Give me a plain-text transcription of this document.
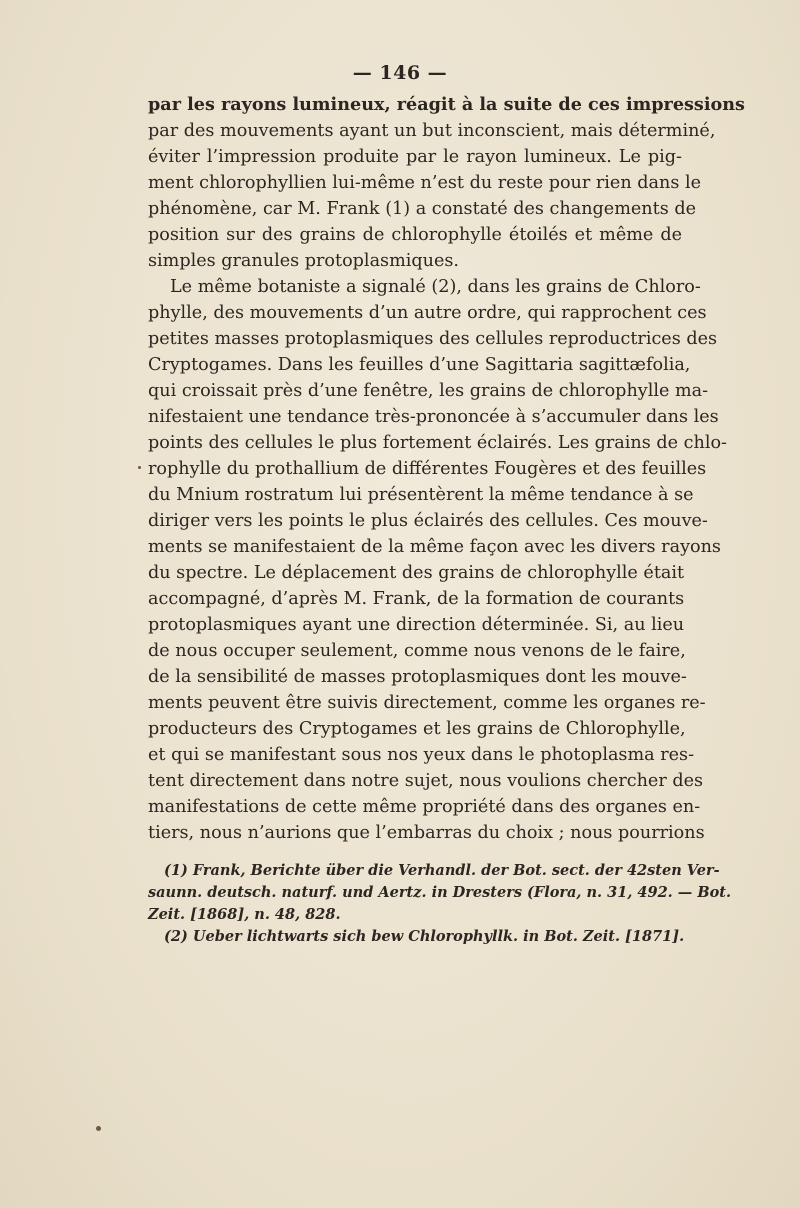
— 146 —
par les rayons lumineux, réagit à la suite de ces impressions
par des mouvements ayant un but inconscient, mais déterminé,
éviter l’impression produite par le rayon lumineux. Le pig-
ment chlorophyllien lui-même n’est du reste pour rien dans le
phénomène, car M. Frank (1) a constaté des changements de
position sur des grains de chlorophylle étoilés et même de
simples granules protoplasmiques.
Le même botaniste a signalé (2), dans les grains de Chloro-
phylle, des mouvements d’un autre ordre, qui rapprochent ces
petites masses protoplasmiques des cellules reproductrices des
Cryptogames. Dans les feuilles d’une Sagittaria sagittæfolia,
qui croissait près d’une fenêtre, les grains de chlorophylle ma-
nifestaient une tendance très-prononcée à s’accumuler dans les
points des cellules le plus fortement éclairés. Les grains de chlo-
rophylle du prothallium de différentes Fougères et des feuilles
du Mnium rostratum lui présentèrent la même tendance à se
diriger vers les points le plus éclairés des cellules. Ces mouve-
ments se manifestaient de la même façon avec les divers rayons
du spectre. Le déplacement des grains de chlorophylle était
accompagné, d’après M. Frank, de la formation de courants
protoplasmiques ayant une direction déterminée. Si, au lieu
de nous occuper seulement, comme nous venons de le faire,
de la sensibilité de masses protoplasmiques dont les mouve-
ments peuvent être suivis directement, comme les organes re-
producteurs des Cryptogames et les grains de Chlorophylle,
et qui se manifestant sous nos yeux dans le photoplasma res-
tent directement dans notre sujet, nous voulions chercher des
manifestations de cette même propriété dans des organes en-
tiers, nous n’aurions que l’embarras du choix ; nous pourrions
(1) Frank, Berichte über die Verhandl. der Bot. sect. der 42sten Ver-
saunn. deutsch. naturf. und Aertz. in Dresters (Flora, n. 31, 492. — Bot.
Zeit. [1868], n. 48, 828.
(2) Ueber lichtwarts sich bew Chlorophyllk. in Bot. Zeit. [1871].
